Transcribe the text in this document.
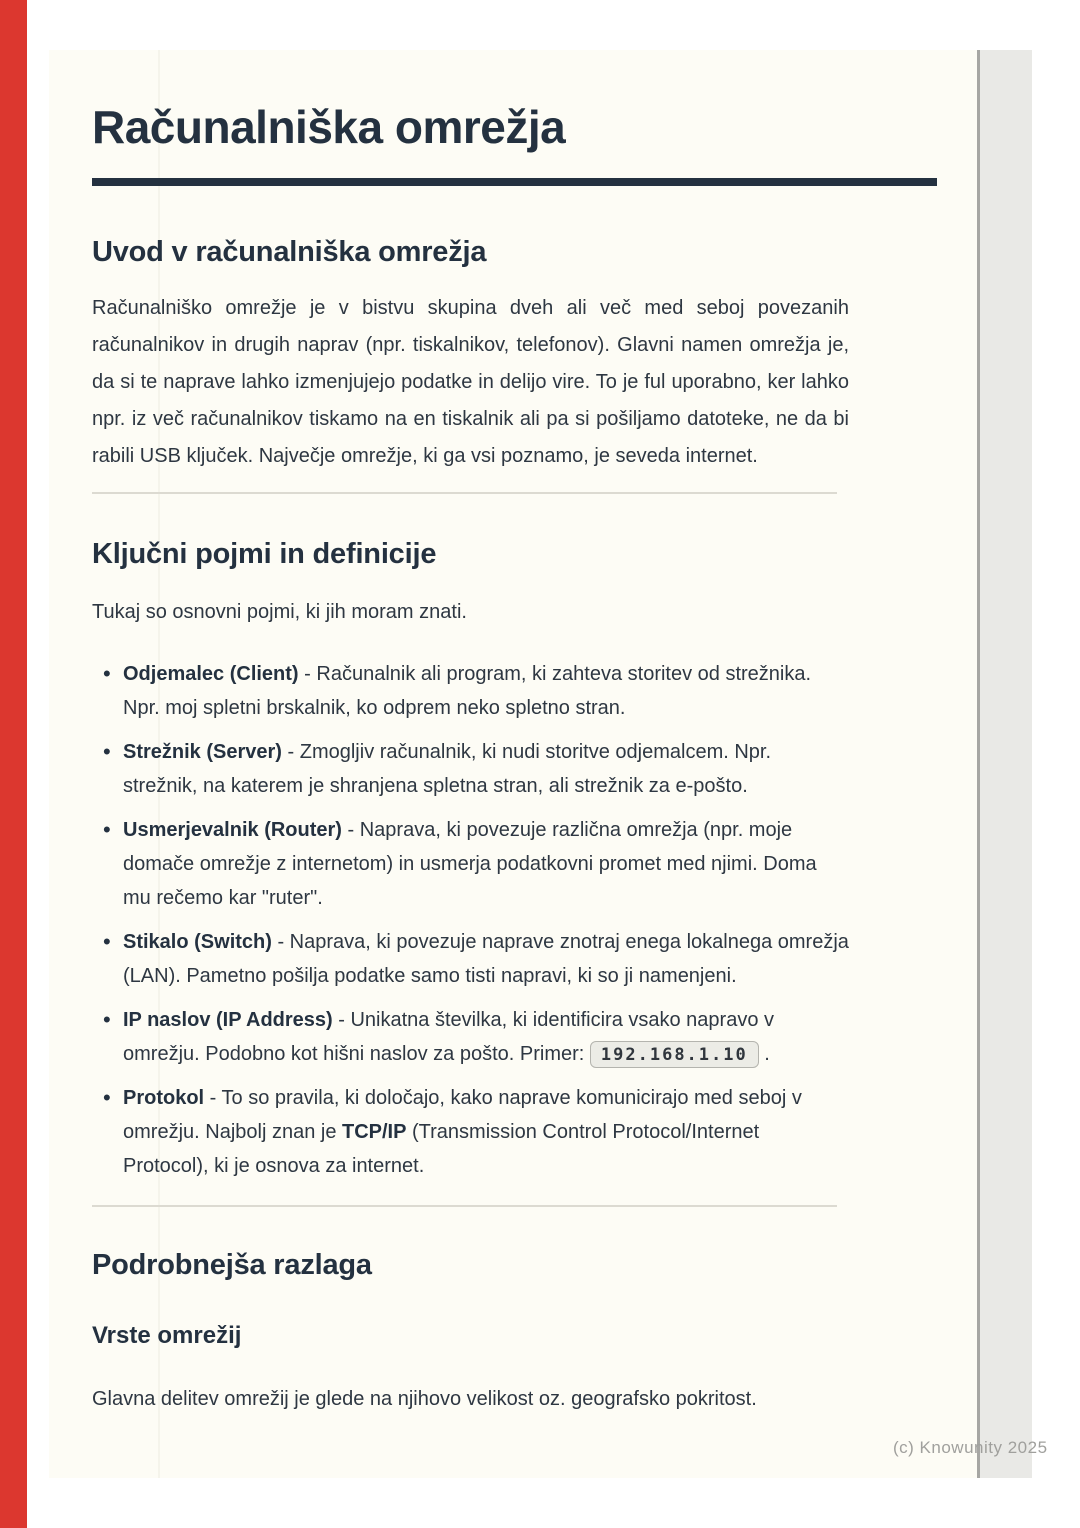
Računalniška omrežja
Uvod v računalniška omrežja

Računalniško omrežje je v bistvu skupina dveh ali več med seboj povezanih računalnikov in drugih naprav (npr. tiskalnikov, telefonov). Glavni namen omrežja je, da si te naprave lahko izmenjujejo podatke in delijo vire. To je ful uporabno, ker lahko npr. iz več računalnikov tiskamo na en tiskalnik ali pa si pošiljamo datoteke, ne da bi rabili USB ključek. Največje omrežje, ki ga vsi poznamo, je seveda internet.

Ključni pojmi in definicije

Tukaj so osnovni pojmi, ki jih moram znati.

• Odjemalec (Client) - Računalnik ali program, ki zahteva storitev od strežnika. Npr. moj spletni brskalnik, ko odprem neko spletno stran.
• Strežnik (Server) - Zmogljiv računalnik, ki nudi storitve odjemalcem. Npr. strežnik, na katerem je shranjena spletna stran, ali strežnik za e-pošto.
• Usmerjevalnik (Router) - Naprava, ki povezuje različna omrežja (npr. moje domače omrežje z internetom) in usmerja podatkovni promet med njimi. Doma mu rečemo kar "ruter".
• Stikalo (Switch) - Naprava, ki povezuje naprave znotraj enega lokalnega omrežja (LAN). Pametno pošilja podatke samo tisti napravi, ki so ji namenjeni.
• IP naslov (IP Address) - Unikatna številka, ki identificira vsako napravo v omrežju. Podobno kot hišni naslov za pošto. Primer: 192.168.1.10 .
• Protokol - To so pravila, ki določajo, kako naprave komunicirajo med seboj v omrežju. Najbolj znan je TCP/IP (Transmission Control Protocol/Internet Protocol), ki je osnova za internet.
Podrobnejša razlaga
Vrste omrežij

Glavna delitev omrežij je glede na njihovo velikost oz. geografsko pokritost.

(c) Knowunity 2025
